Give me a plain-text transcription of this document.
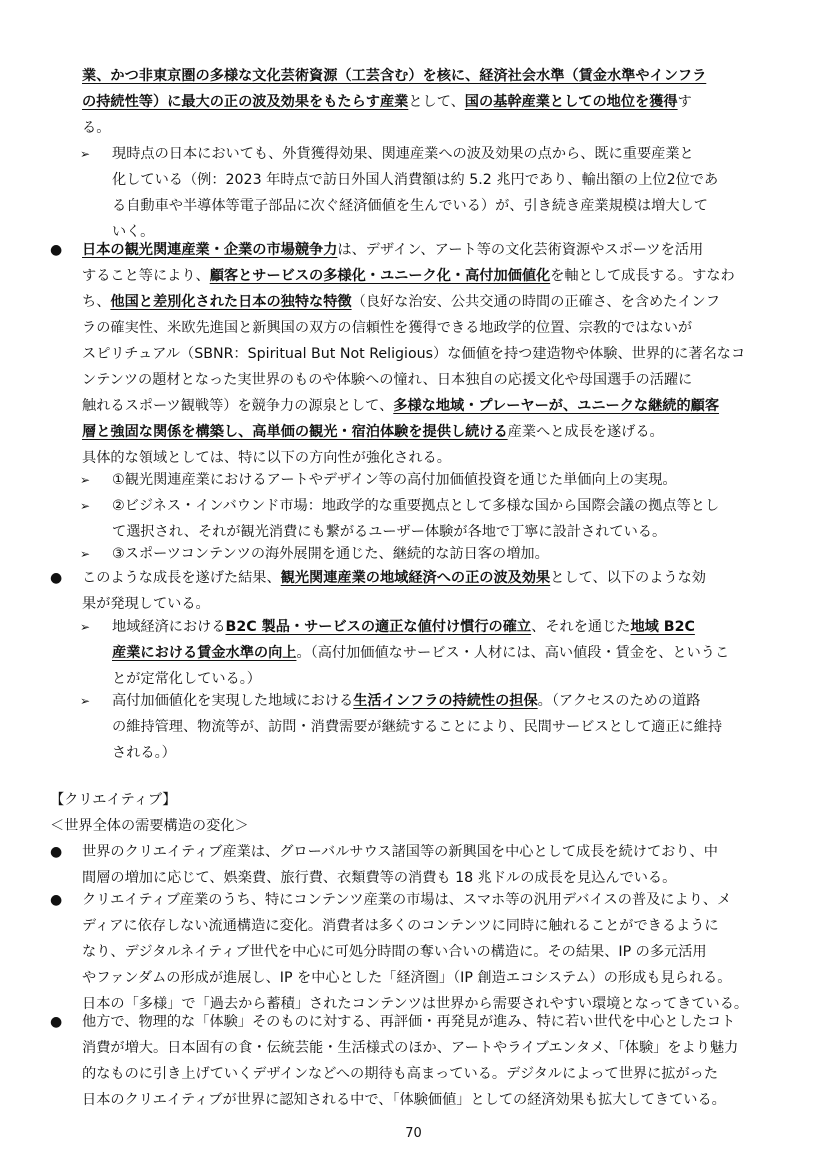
業、かつ非東京圏の多様な文化芸術資源（工芸含む）を核に、経済社会水準（賃金水準やインフラ
の持続性等）に最大の正の波及効果をもたらす産業として、国の基幹産業としての地位を獲得す
る。
➢ 現時点の日本においても、外貨獲得効果、関連産業への波及効果の点から、既に重要産業と
化している（例：2023 年時点で訪日外国人消費額は約 5.2 兆円であり、輸出額の上位2位であ
る自動車や半導体等電子部品に次ぐ経済価値を生んでいる）が、引き続き産業規模は増大して
いく。
● 日本の観光関連産業・企業の市場競争力は、デザイン、アート等の文化芸術資源やスポーツを活用
すること等により、顧客とサービスの多様化・ユニーク化・高付加価値化を軸として成長する。すなわ
ち、他国と差別化された日本の独特な特徴（良好な治安、公共交通の時間の正確さ、を含めたインフ
ラの確実性、米欧先進国と新興国の双方の信頼性を獲得できる地政学的位置、宗教的ではないが
スピリチュアル（SBNR：Spiritual But Not Religious）な価値を持つ建造物や体験、世界的に著名なコ
ンテンツの題材となった実世界のものや体験への憧れ、日本独自の応援文化や母国選手の活躍に
触れるスポーツ観戦等）を競争力の源泉として、多様な地域・プレーヤーが、ユニークな継続的顧客
層と強固な関係を構築し、高単価の観光・宿泊体験を提供し続ける産業へと成長を遂げる。
具体的な領域としては、特に以下の方向性が強化される。
➢ ①観光関連産業におけるアートやデザイン等の高付加価値投資を通じた単価向上の実現。
➢ ②ビジネス・インバウンド市場：地政学的な重要拠点として多様な国から国際会議の拠点等とし
て選択され、それが観光消費にも繋がるユーザー体験が各地で丁寧に設計されている。
➢ ③スポーツコンテンツの海外展開を通じた、継続的な訪日客の増加。
● このような成長を遂げた結果、観光関連産業の地域経済への正の波及効果として、以下のような効
果が発現している。
➢ 地域経済におけるB2C 製品・サービスの適正な値付け慣行の確立、それを通じた地域 B2C
産業における賃金水準の向上。（高付加価値なサービス・人材には、高い値段・賃金を、というこ
とが定常化している。）
➢ 高付加価値化を実現した地域における生活インフラの持続性の担保。（アクセスのための道路
の維持管理、物流等が、訪問・消費需要が継続することにより、民間サービスとして適正に維持
される。）
【クリエイティブ】
＜世界全体の需要構造の変化＞
● 世界のクリエイティブ産業は、グローバルサウス諸国等の新興国を中心として成長を続けており、中
間層の増加に応じて、娯楽費、旅行費、衣類費等の消費も 18 兆ドルの成長を見込んでいる。
● クリエイティブ産業のうち、特にコンテンツ産業の市場は、スマホ等の汎用デバイスの普及により、メ
ディアに依存しない流通構造に変化。消費者は多くのコンテンツに同時に触れることができるように
なり、デジタルネイティブ世代を中心に可処分時間の奪い合いの構造に。その結果、IP の多元活用
やファンダムの形成が進展し、IP を中心とした「経済圏」（IP 創造エコシステム）の形成も見られる。
日本の「多様」で「過去から蓄積」されたコンテンツは世界から需要されやすい環境となってきている。
● 他方で、物理的な「体験」そのものに対する、再評価・再発見が進み、特に若い世代を中心としたコト
消費が増大。日本固有の食・伝統芸能・生活様式のほか、アートやライブエンタメ、「体験」をより魅力
的なものに引き上げていくデザインなどへの期待も高まっている。デジタルによって世界に拡がった
日本のクリエイティブが世界に認知される中で、「体験価値」としての経済効果も拡大してきている。
70
